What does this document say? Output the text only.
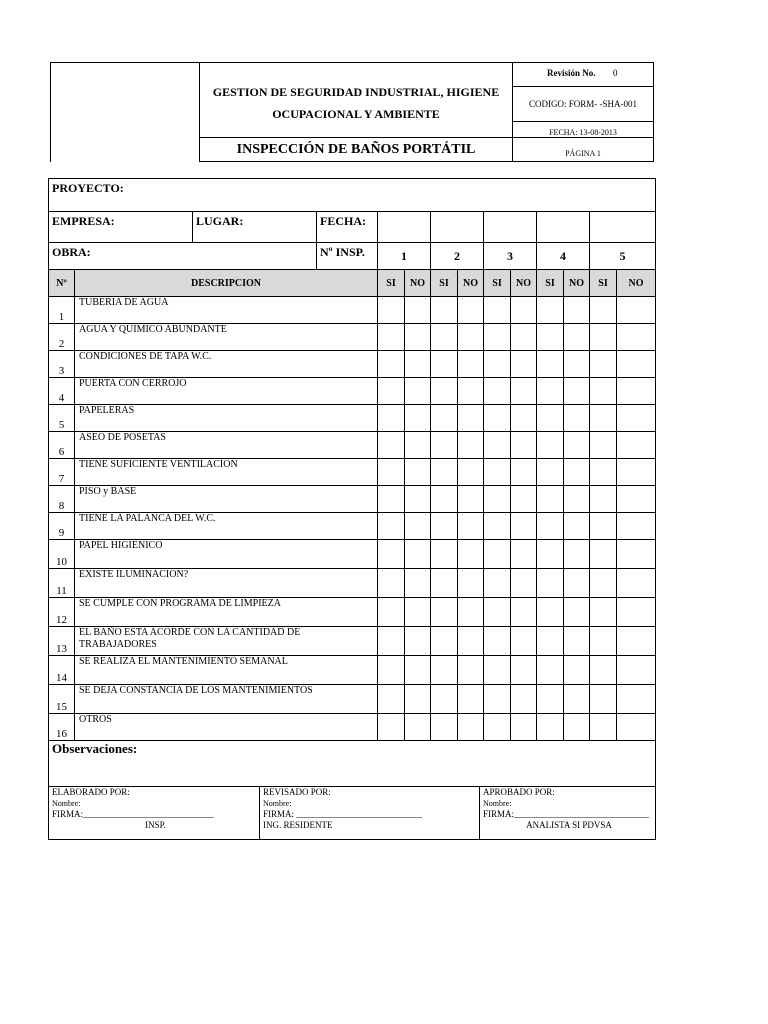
GESTION DE SEGURIDAD INDUSTRIAL, HIGIENE
OCUPACIONAL Y AMBIENTE
INSPECCIÓN DE BAÑOS PORTÁTIL
Revisión No. 0
CODIGO: FORM- -SHA-001
FECHA: 13-08-2013
PÁGINA 1
PROYECTO:													
EMPRESA:		LUGAR:	FECHA:										
OBRA:			Nº INSP.	1		2		3		4		5	
Nº	DESCRIPCION			SI	NO	SI	NO	SI	NO	SI	NO	SI	NO
1	TUBERIA DE AGUA												
2	AGUA Y QUIMICO ABUNDANTE												
3	CONDICIONES DE TAPA W.C.												
4	PUERTA CON CERROJO												
5	PAPELERAS												
6	ASEO DE POSETAS												
7	TIENE SUFICIENTE VENTILACION												
8	PISO y BASE												
9	TIENE LA PALANCA DEL W.C.												
10	PAPEL HIGIENICO												
11	EXISTE ILUMINACION?												
12	SE CUMPLE CON PROGRAMA DE LIMPIEZA												
13	EL BAÑO ESTA ACORDE CON LA CANTIDAD DE TRABAJADORES												
14	SE REALIZA EL MANTENIMIENTO SEMANAL												
15	SE DEJA CONSTANCIA DE LOS MANTENIMIENTOS												
16	OTROS												
Observaciones:													
ELABORADO POR:
Nombre:
FIRMA:_____________________________
INSP.

REVISADO POR:
Nombre:
FIRMA: ____________________________
ING. RESIDENTE

APROBADO POR:
Nombre:
FIRMA:______________________________
ANALISTA SI PDVSA
